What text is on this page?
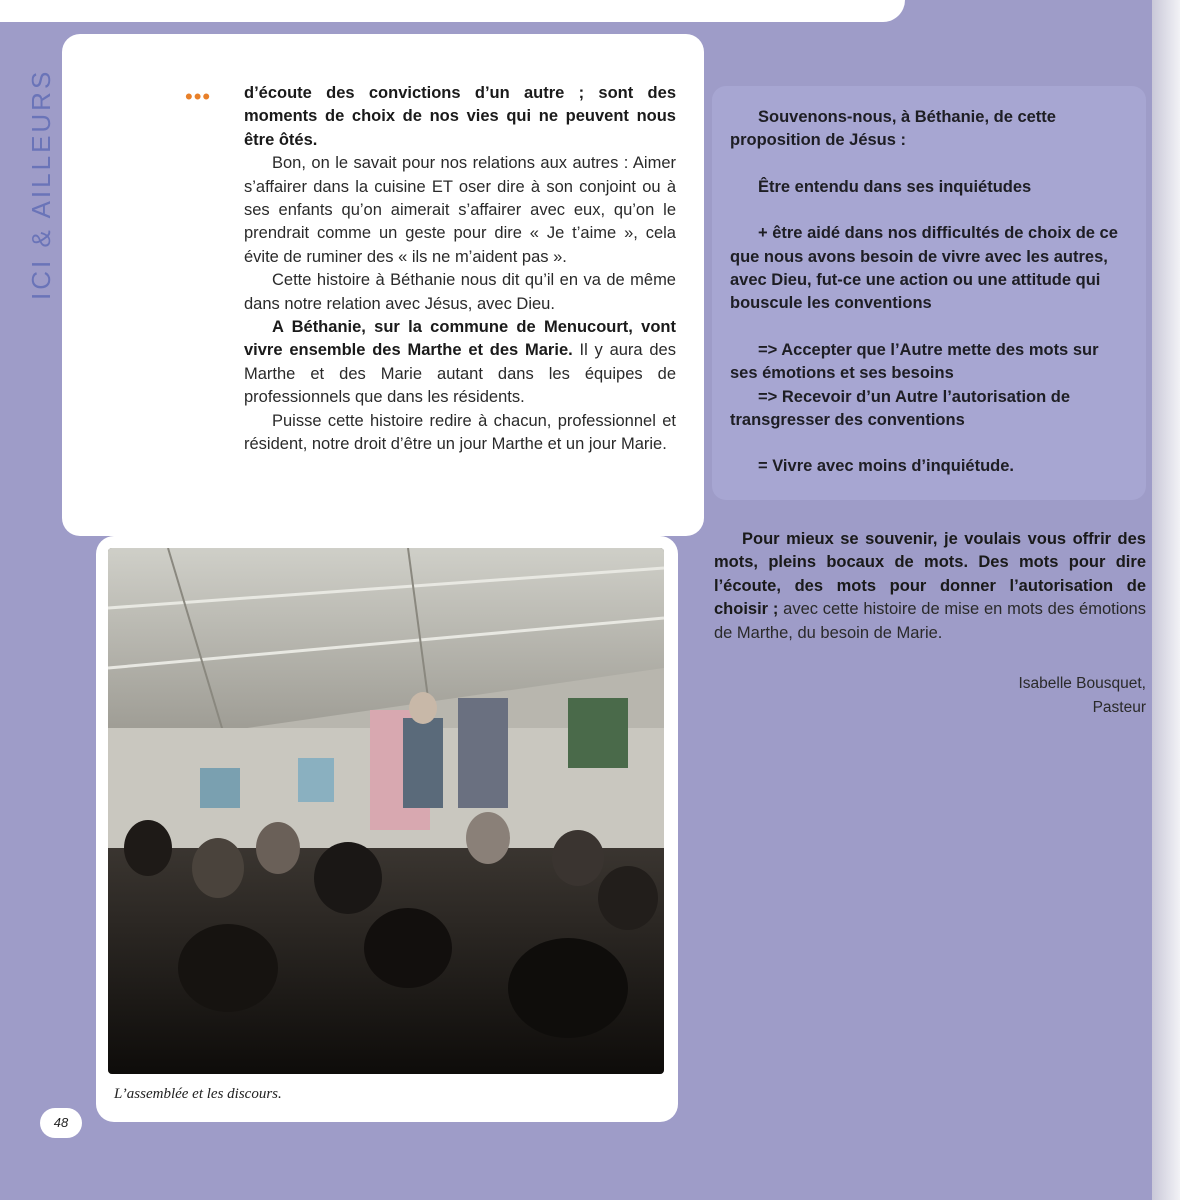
ICI & AILLEURS	••• d’écoute des convictions d’un autre ; sont des moments de choix de nos vies qui ne peuvent nous être ôtés.

Bon, on le savait pour nos relations aux autres : Aimer s’affairer dans la cuisine ET oser dire à son conjoint ou à ses enfants qu’on aimerait s’affairer avec eux, qu’on le prendrait comme un geste pour dire « Je t’aime », cela évite de ruminer des « ils ne m’aident pas ».

Cette histoire à Béthanie nous dit qu’il en va de même dans notre relation avec Jésus, avec Dieu.

A Béthanie, sur la commune de Menucourt, vont vivre ensemble des Marthe et des Marie. Il y aura des Marthe et des Marie autant dans les équipes de professionnels que dans les résidents.

Puisse cette histoire redire à chacun, professionnel et résident, notre droit d’être un jour Marthe et un jour Marie.

Souvenons-nous, à Béthanie, de cette proposition de Jésus :

Être entendu dans ses inquiétudes

+ être aidé dans nos difficultés de choix de ce que nous avons besoin de vivre avec les autres, avec Dieu, fut-ce une action ou une attitude qui bouscule les conventions

=> Accepter que l’Autre mette des mots sur ses émotions et ses besoins

=> Recevoir d’un Autre l’autorisation de transgresser des conventions

= Vivre avec moins d’inquiétude.

Pour mieux se souvenir, je voulais vous offrir des mots, pleins bocaux de mots. Des mots pour dire l’écoute, des mots pour donner l’autorisation de choisir ; avec cette histoire de mise en mots des émotions de Marthe, du besoin de Marie.

Isabelle Bousquet,
Pasteur
L’assemblée et les discours.
48
